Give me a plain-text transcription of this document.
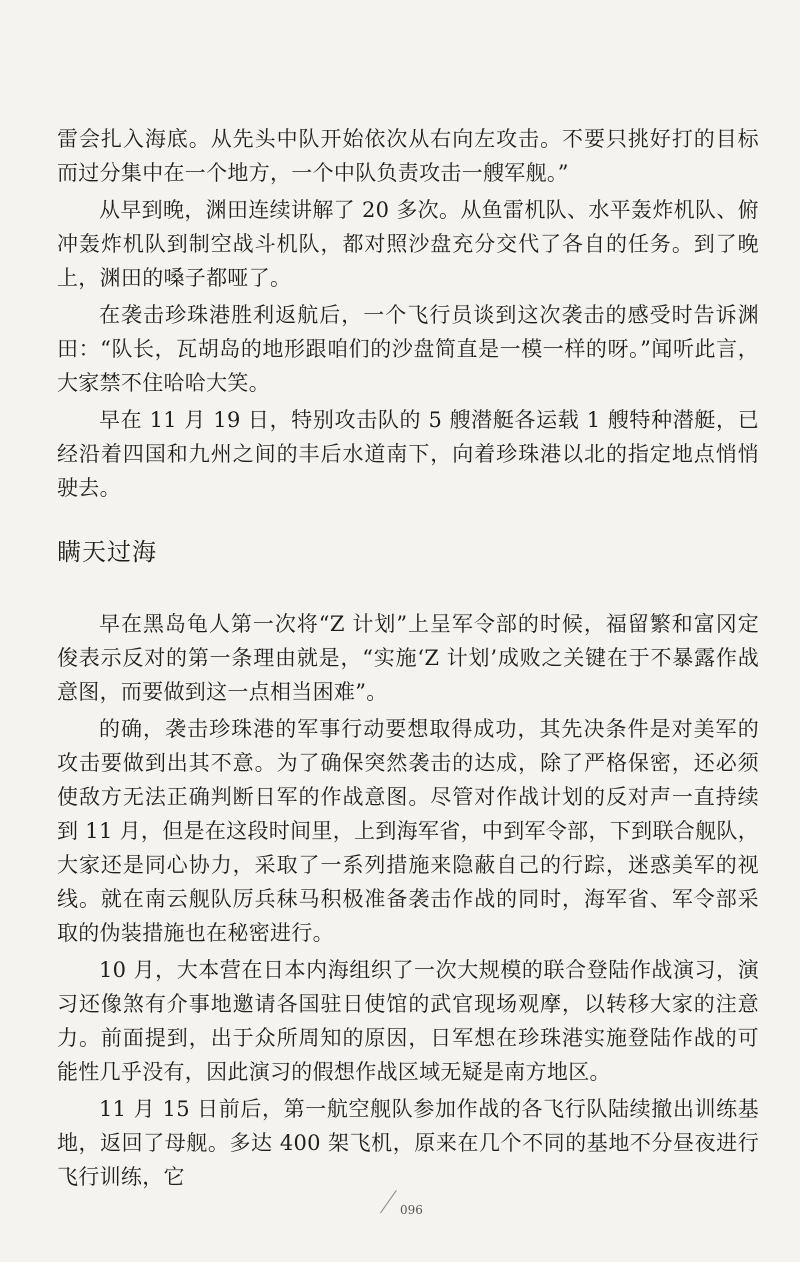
雷会扎入海底。从先头中队开始依次从右向左攻击。不要只挑好打的目标而过分集中在一个地方，一个中队负责攻击一艘军舰。”

从早到晚，渊田连续讲解了 20 多次。从鱼雷机队、水平轰炸机队、俯冲轰炸机队到制空战斗机队，都对照沙盘充分交代了各自的任务。到了晚上，渊田的嗓子都哑了。

在袭击珍珠港胜利返航后，一个飞行员谈到这次袭击的感受时告诉渊田：“队长，瓦胡岛的地形跟咱们的沙盘简直是一模一样的呀。”闻听此言，大家禁不住哈哈大笑。

早在 11 月 19 日，特别攻击队的 5 艘潜艇各运载 1 艘特种潜艇，已经沿着四国和九州之间的丰后水道南下，向着珍珠港以北的指定地点悄悄驶去。

瞒天过海

早在黑岛龟人第一次将“Z 计划”上呈军令部的时候，福留繁和富冈定俊表示反对的第一条理由就是，“实施‘Z 计划’成败之关键在于不暴露作战意图，而要做到这一点相当困难”。

的确，袭击珍珠港的军事行动要想取得成功，其先决条件是对美军的攻击要做到出其不意。为了确保突然袭击的达成，除了严格保密，还必须使敌方无法正确判断日军的作战意图。尽管对作战计划的反对声一直持续到 11 月，但是在这段时间里，上到海军省，中到军令部，下到联合舰队，大家还是同心协力，采取了一系列措施来隐蔽自己的行踪，迷惑美军的视线。就在南云舰队厉兵秣马积极准备袭击作战的同时，海军省、军令部采取的伪装措施也在秘密进行。

10 月，大本营在日本内海组织了一次大规模的联合登陆作战演习，演习还像煞有介事地邀请各国驻日使馆的武官现场观摩，以转移大家的注意力。前面提到，出于众所周知的原因，日军想在珍珠港实施登陆作战的可能性几乎没有，因此演习的假想作战区域无疑是南方地区。

11 月 15 日前后，第一航空舰队参加作战的各飞行队陆续撤出训练基地，返回了母舰。多达 400 架飞机，原来在几个不同的基地不分昼夜进行飞行训练，它

096
